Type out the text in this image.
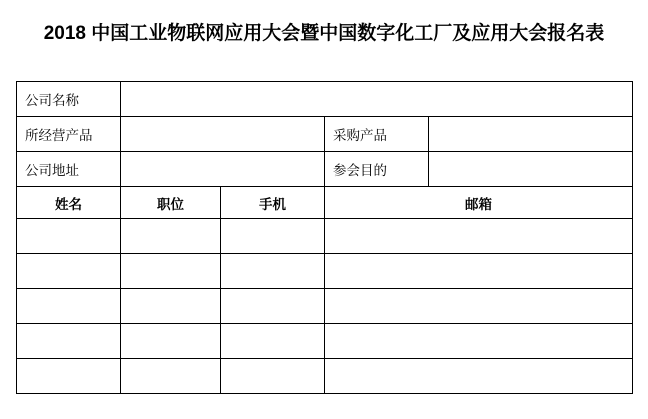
2018 中国工业物联网应用大会暨中国数字化工厂及应用大会报名表
公司名称				
所经营产品			采购产品	
公司地址			参会目的	
姓名	职位	手机	邮箱	
